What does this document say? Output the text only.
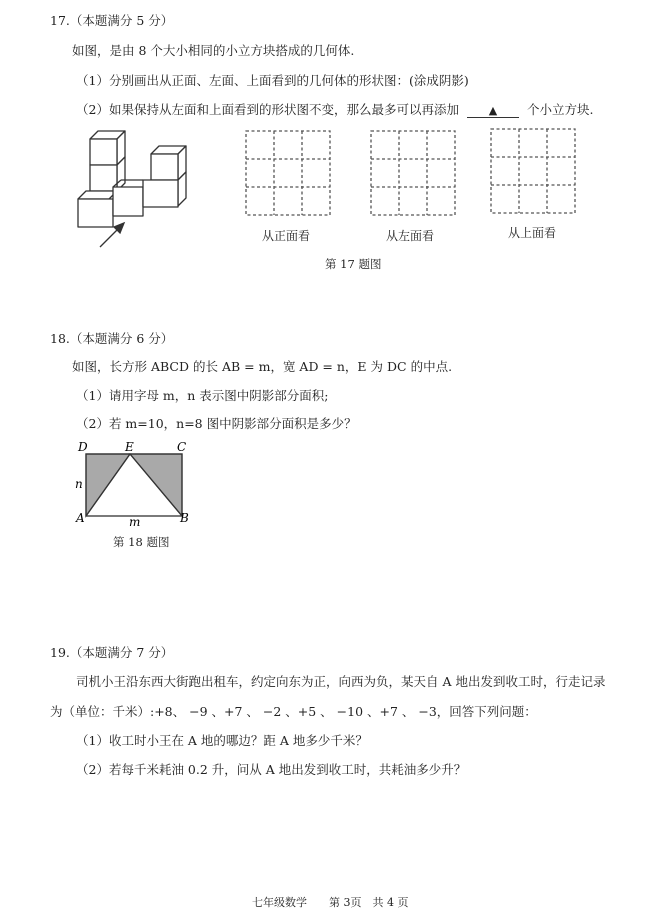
17.（本题满分 5 分）
如图，是由 8 个大小相同的小立方块搭成的几何体.
（1）分别画出从正面、左面、上面看到的几何体的形状图：(涂成阴影)
（2）如果保持从左面和上面看到的形状图不变，那么最多可以再添加	▲ 个小立方块.
从正面看	从左面看	从上面看
第 17 题图
18.（本题满分 6 分）
如图，长方形 ABCD 的长 AB = m，宽 AD = n，E 为 DC 的中点.
（1）请用字母 m，n 表示图中阴影部分面积;
（2）若 m=10，n=8 图中阴影部分面积是多少？
D	E	C
A	B
n
m
第 18 题图
19.（本题满分 7 分）
司机小王沿东西大街跑出租车，约定向东为正，向西为负，某天自 A 地出发到收工时，行走记录
为（单位：千米）:+8、 −9 、+7 、 −2 、+5 、 −10 、+7 、 −3，回答下列问题：
（1）收工时小王在 A 地的哪边？距 A 地多少千米？
（2）若每千米耗油 0.2 升，问从 A 地出发到收工时，共耗油多少升？
七年级数学　　第 3页　共 4 页
